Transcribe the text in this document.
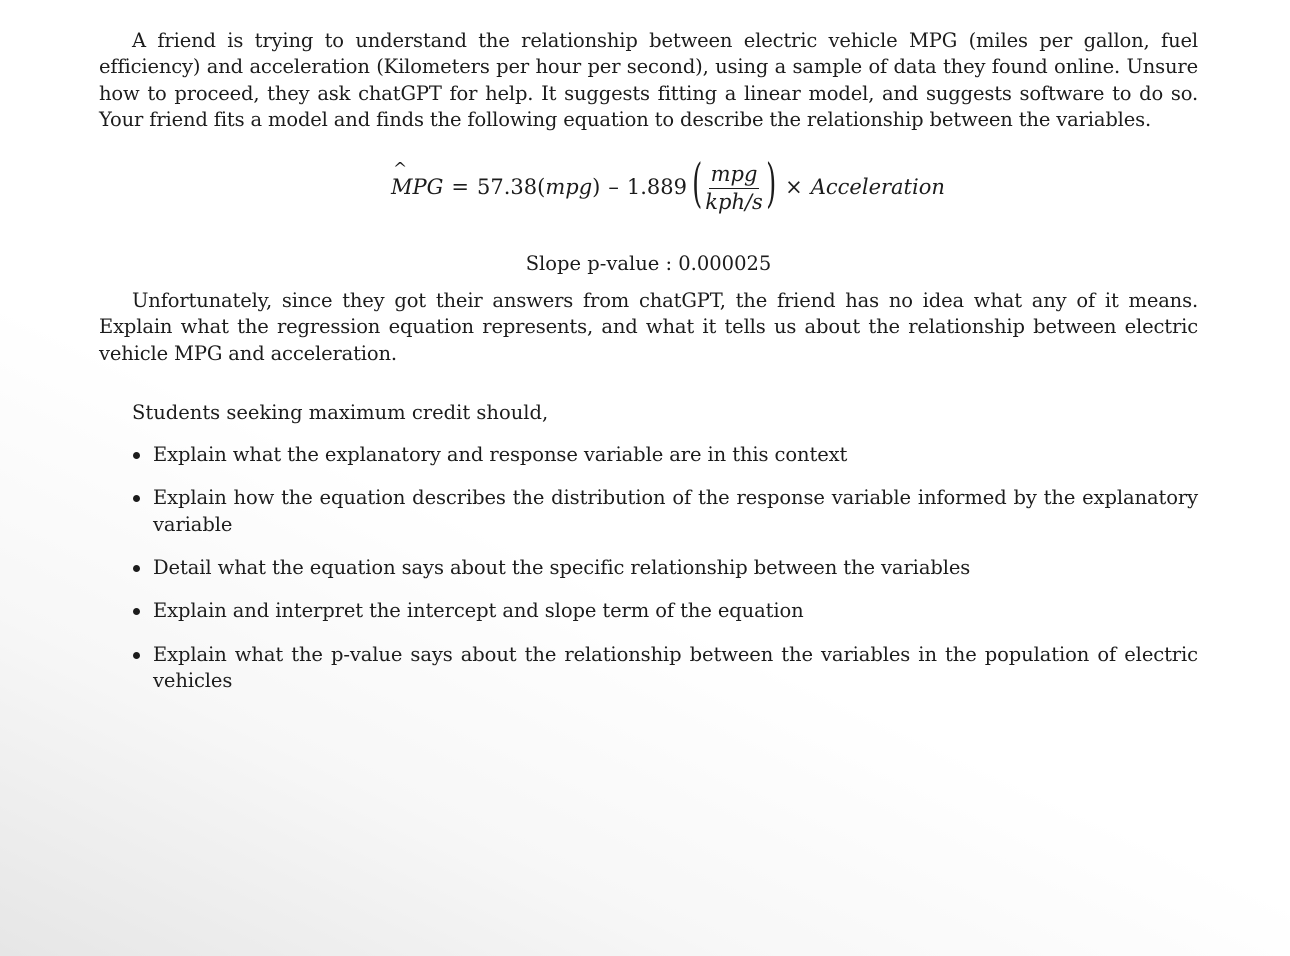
A friend is trying to understand the relationship between electric vehicle MPG (miles per gallon, fuel efficiency) and acceleration (Kilometers per hour per second), using a sample of data they found online. Unsure how to proceed, they ask chatGPT for help. It suggests fitting a linear model, and suggests software to do so. Your friend fits a model and finds the following equation to describe the relationship between the variables.

^
MPG = 57.38( mpg ) – 1.889 ( $\frac{\text{mpg}}{\text{kph/s}}$ ) × Acceleration
Slope p-value : 0.000025

Unfortunately, since they got their answers from chatGPT, the friend has no idea what any of it means. Explain what the regression equation represents, and what it tells us about the relationship between electric vehicle MPG and acceleration.

Students seeking maximum credit should,
Explain what the explanatory and response variable are in this context
Explain how the equation describes the distribution of the response variable informed by the explanatory variable
Detail what the equation says about the specific relationship between the variables
Explain and interpret the intercept and slope term of the equation
Explain what the p-value says about the relationship between the variables in the population of electric vehicles
